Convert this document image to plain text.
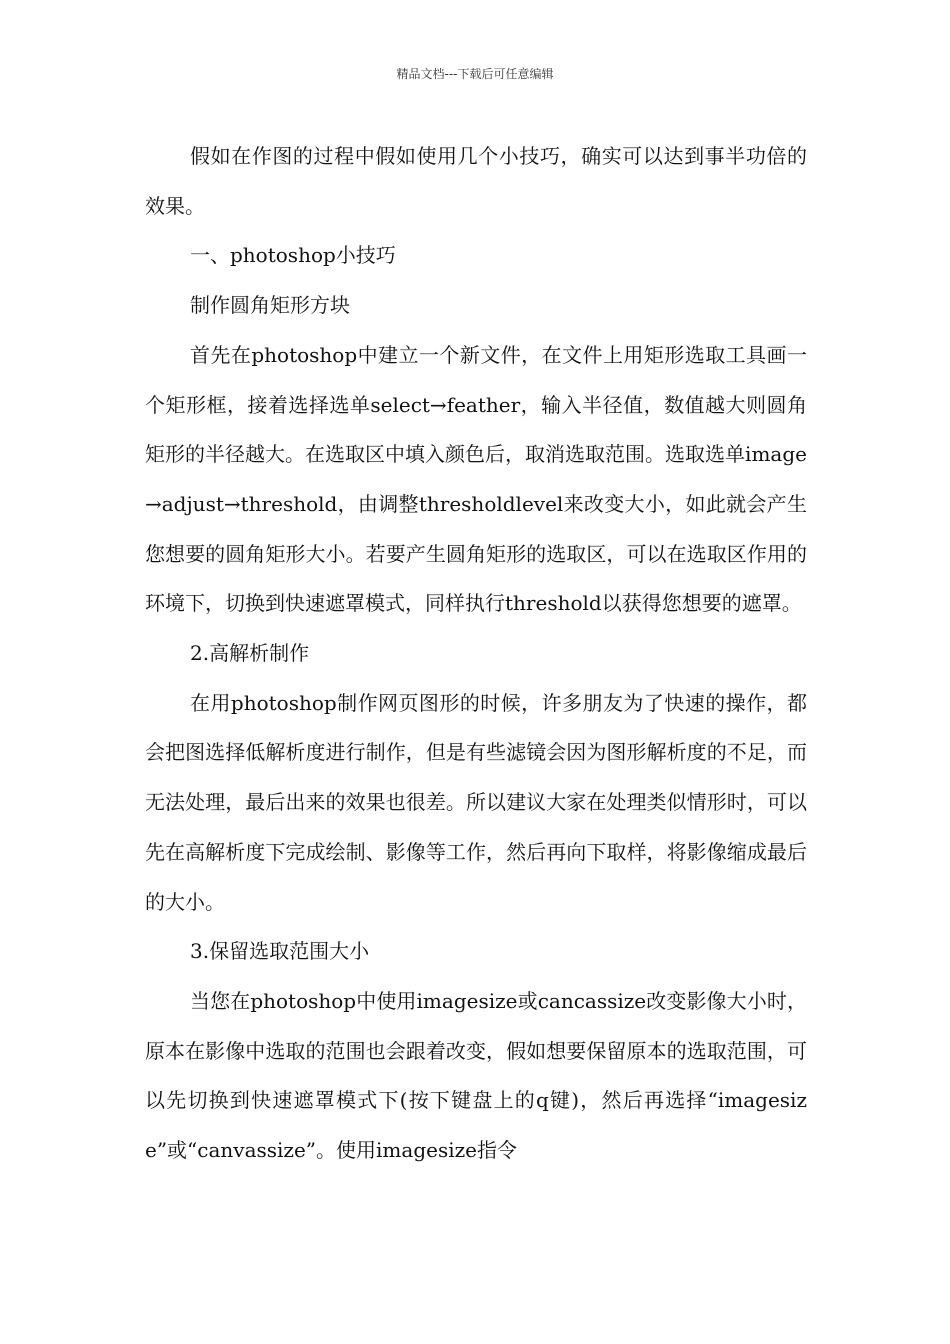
精品文档---下载后可任意编辑

假如在作图的过程中假如使用几个小技巧，确实可以达到事半功倍的效果。

一、photoshop小技巧

制作圆角矩形方块

首先在photoshop中建立一个新文件，在文件上用矩形选取工具画一个矩形框，接着选择选单select→feather，输入半径值，数值越大则圆角矩形的半径越大。在选取区中填入颜色后，取消选取范围。选取选单image→adjust→threshold，由调整thresholdlevel来改变大小，如此就会产生您想要的圆角矩形大小。若要产生圆角矩形的选取区，可以在选取区作用的环境下，切换到快速遮罩模式，同样执行threshold以获得您想要的遮罩。

2.高解析制作

在用photoshop制作网页图形的时候，许多朋友为了快速的操作，都会把图选择低解析度进行制作，但是有些滤镜会因为图形解析度的不足，而无法处理，最后出来的效果也很差。所以建议大家在处理类似情形时，可以先在高解析度下完成绘制、影像等工作，然后再向下取样，将影像缩成最后的大小。

3.保留选取范围大小

当您在photoshop中使用imagesize或cancassize改变影像大小时，原本在影像中选取的范围也会跟着改变，假如想要保留原本的选取范围，可以先切换到快速遮罩模式下(按下键盘上的q键)，然后再选择“imagesize”或“canvassize”。使用imagesize指令
